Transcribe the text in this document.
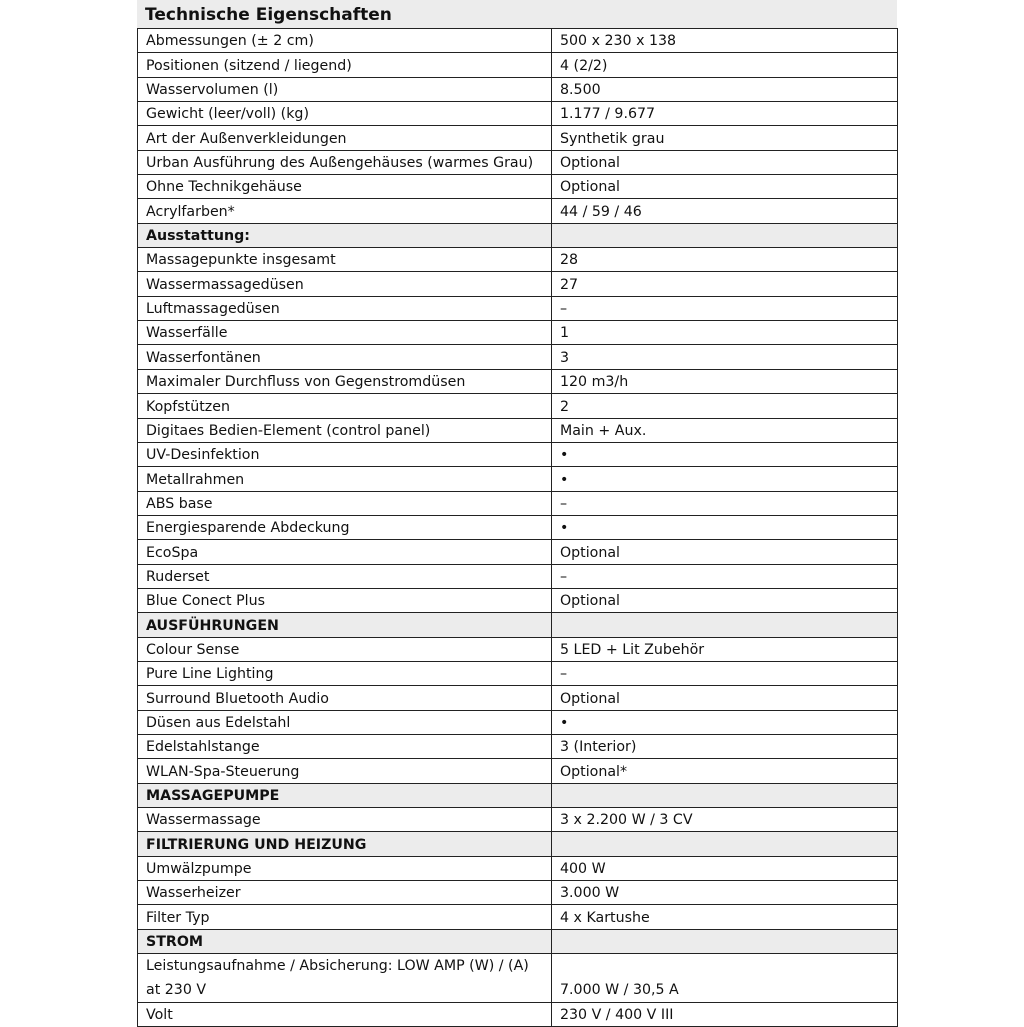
Technische Eigenschaften
Abmessungen (± 2 cm)	500 x 230 x 138
Positionen (sitzend / liegend)	4 (2/2)
Wasservolumen (l)	8.500
Gewicht (leer/voll) (kg)	1.177 / 9.677
Art der Außenverkleidungen	Synthetik grau
Urban Ausführung des Außengehäuses (warmes Grau)	Optional
Ohne Technikgehäuse	Optional
Acrylfarben*	44 / 59 / 46
Ausstattung:	
Massagepunkte insgesamt	28
Wassermassagedüsen	27
Luftmassagedüsen	–
Wasserfälle	1
Wasserfontänen	3
Maximaler Durchfluss von Gegenstromdüsen	120 m3/h
Kopfstützen	2
Digitaes Bedien-Element (control panel)	Main + Aux.
UV-Desinfektion	•
Metallrahmen	•
ABS base	–
Energiesparende Abdeckung	•
EcoSpa	Optional
Ruderset	–
Blue Conect Plus	Optional
AUSFÜHRUNGEN	
Colour Sense	5 LED + Lit Zubehör
Pure Line Lighting	–
Surround Bluetooth Audio	Optional
Düsen aus Edelstahl	•
Edelstahlstange	3 (Interior)
WLAN-Spa-Steuerung	Optional*
MASSAGEPUMPE	
Wassermassage	3 x 2.200 W / 3 CV
FILTRIERUNG UND HEIZUNG	
Umwälzpumpe	400 W
Wasserheizer	3.000 W
Filter Typ	4 x Kartushe
STROM	
Leistungsaufnahme / Absicherung: LOW AMP (W) / (A) at 230 V	7.000 W / 30,5 A
Volt	230 V / 400 V III
